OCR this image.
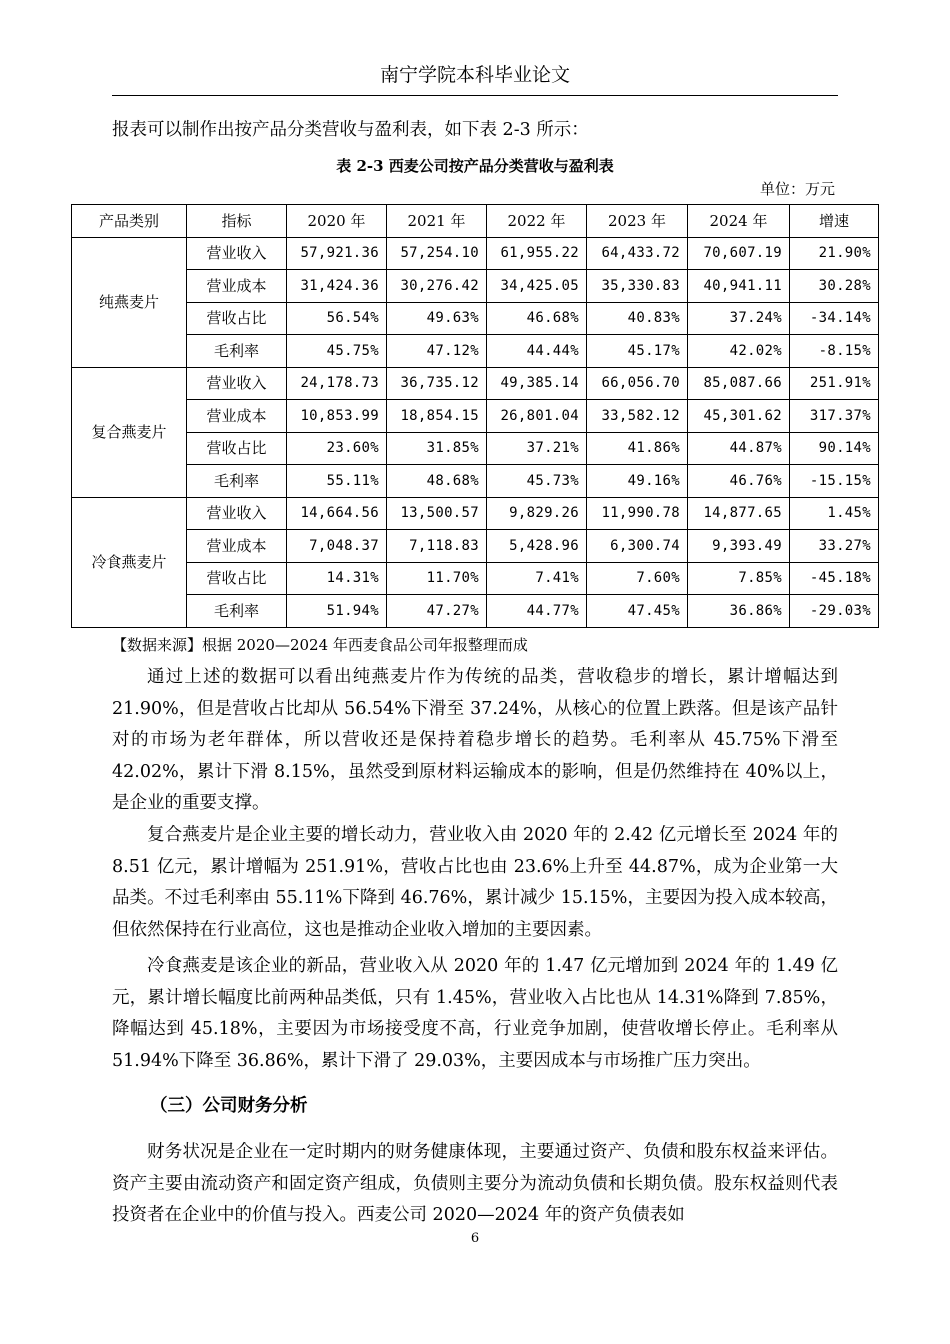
南宁学院本科毕业论文
报表可以制作出按产品分类营收与盈利表，如下表 2-3 所示：
表 2-3 西麦公司按产品分类营收与盈利表
单位：万元
产品类别	指标	2020 年	2021 年	2022 年	2023 年	2024 年	增速
纯燕麦片	营业收入	57,921.36	57,254.10	61,955.22	64,433.72	70,607.19	21.90%
	营业成本	31,424.36	30,276.42	34,425.05	35,330.83	40,941.11	30.28%
	营收占比	56.54%	49.63%	46.68%	40.83%	37.24%	-34.14%
	毛利率	45.75%	47.12%	44.44%	45.17%	42.02%	-8.15%
复合燕麦片	营业收入	24,178.73	36,735.12	49,385.14	66,056.70	85,087.66	251.91%
	营业成本	10,853.99	18,854.15	26,801.04	33,582.12	45,301.62	317.37%
	营收占比	23.60%	31.85%	37.21%	41.86%	44.87%	90.14%
	毛利率	55.11%	48.68%	45.73%	49.16%	46.76%	-15.15%
冷食燕麦片	营业收入	14,664.56	13,500.57	9,829.26	11,990.78	14,877.65	1.45%
	营业成本	7,048.37	7,118.83	5,428.96	6,300.74	9,393.49	33.27%
	营收占比	14.31%	11.70%	7.41%	7.60%	7.85%	-45.18%
	毛利率	51.94%	47.27%	44.77%	47.45%	36.86%	-29.03%
【数据来源】根据 2020—2024 年西麦食品公司年报整理而成
通过上述的数据可以看出纯燕麦片作为传统的品类，营收稳步的增长，累计增幅达到 21.90%，但是营收占比却从 56.54%下滑至 37.24%，从核心的位置上跌落。但是该产品针对的市场为老年群体，所以营收还是保持着稳步增长的趋势。毛利率从 45.75%下滑至 42.02%，累计下滑 8.15%，虽然受到原材料运输成本的影响，但是仍然维持在 40%以上，是企业的重要支撑。
复合燕麦片是企业主要的增长动力，营业收入由 2020 年的 2.42 亿元增长至 2024 年的 8.51 亿元，累计增幅为 251.91%，营收占比也由 23.6%上升至 44.87%，成为企业第一大品类。不过毛利率由 55.11%下降到 46.76%，累计减少 15.15%，主要因为投入成本较高，但依然保持在行业高位，这也是推动企业收入增加的主要因素。
冷食燕麦是该企业的新品，营业收入从 2020 年的 1.47 亿元增加到 2024 年的 1.49 亿元，累计增长幅度比前两种品类低，只有 1.45%，营业收入占比也从 14.31%降到 7.85%，降幅达到 45.18%，主要因为市场接受度不高，行业竞争加剧，使营收增长停止。毛利率从 51.94%下降至 36.86%，累计下滑了 29.03%，主要因成本与市场推广压力突出。
（三）公司财务分析
财务状况是企业在一定时期内的财务健康体现，主要通过资产、负债和股东权益来评估。资产主要由流动资产和固定资产组成，负债则主要分为流动负债和长期负债。股东权益则代表投资者在企业中的价值与投入。西麦公司 2020—2024 年的资产负债表如
6
